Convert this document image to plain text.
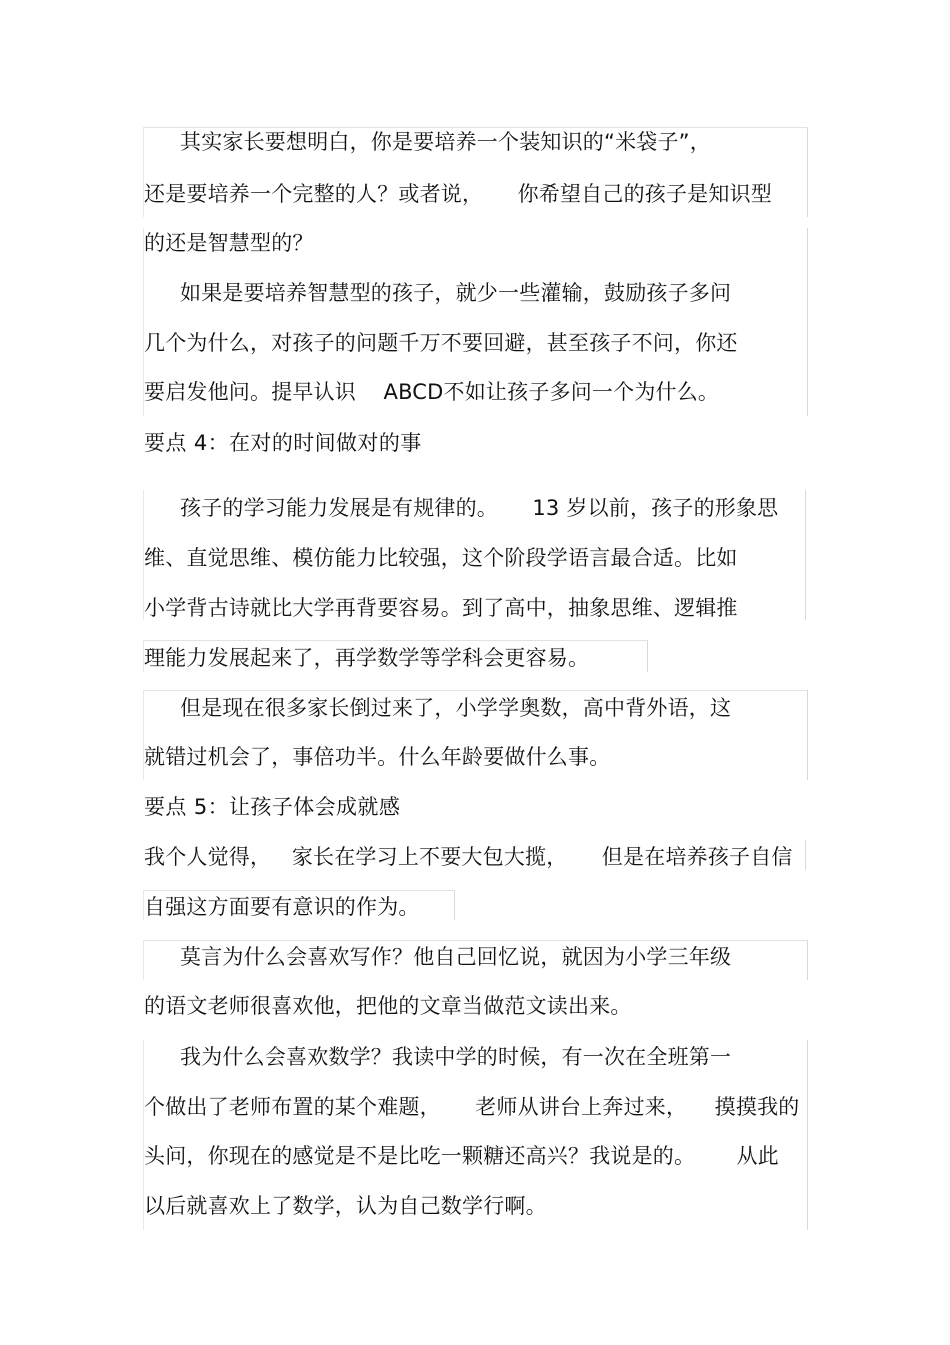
其实家长要想明白，你是要培养一个装知识的“米袋子”，
还是要培养一个完整的人？或者说，     你希望自己的孩子是知识型
的还是智慧型的？
如果是要培养智慧型的孩子，就少一些灌输，鼓励孩子多问
几个为什么，对孩子的问题千万不要回避，甚至孩子不问，你还
要启发他问。提早认识    ABCD不如让孩子多问一个为什么。
要点 4：在对的时间做对的事
孩子的学习能力发展是有规律的。     13 岁以前，孩子的形象思
维、直觉思维、模仿能力比较强，这个阶段学语言最合适。比如
小学背古诗就比大学再背要容易。到了高中，抽象思维、逻辑推
理能力发展起来了，再学数学等学科会更容易。
但是现在很多家长倒过来了，小学学奥数，高中背外语，这
就错过机会了，事倍功半。什么年龄要做什么事。
要点 5：让孩子体会成就感
我个人觉得，   家长在学习上不要大包大揽，     但是在培养孩子自信
自强这方面要有意识的作为。
莫言为什么会喜欢写作？他自己回忆说，就因为小学三年级
的语文老师很喜欢他，把他的文章当做范文读出来。
我为什么会喜欢数学？我读中学的时候，有一次在全班第一
个做出了老师布置的某个难题，     老师从讲台上奔过来，    摸摸我的
头问，你现在的感觉是不是比吃一颗糖还高兴？我说是的。      从此
以后就喜欢上了数学，认为自己数学行啊。
